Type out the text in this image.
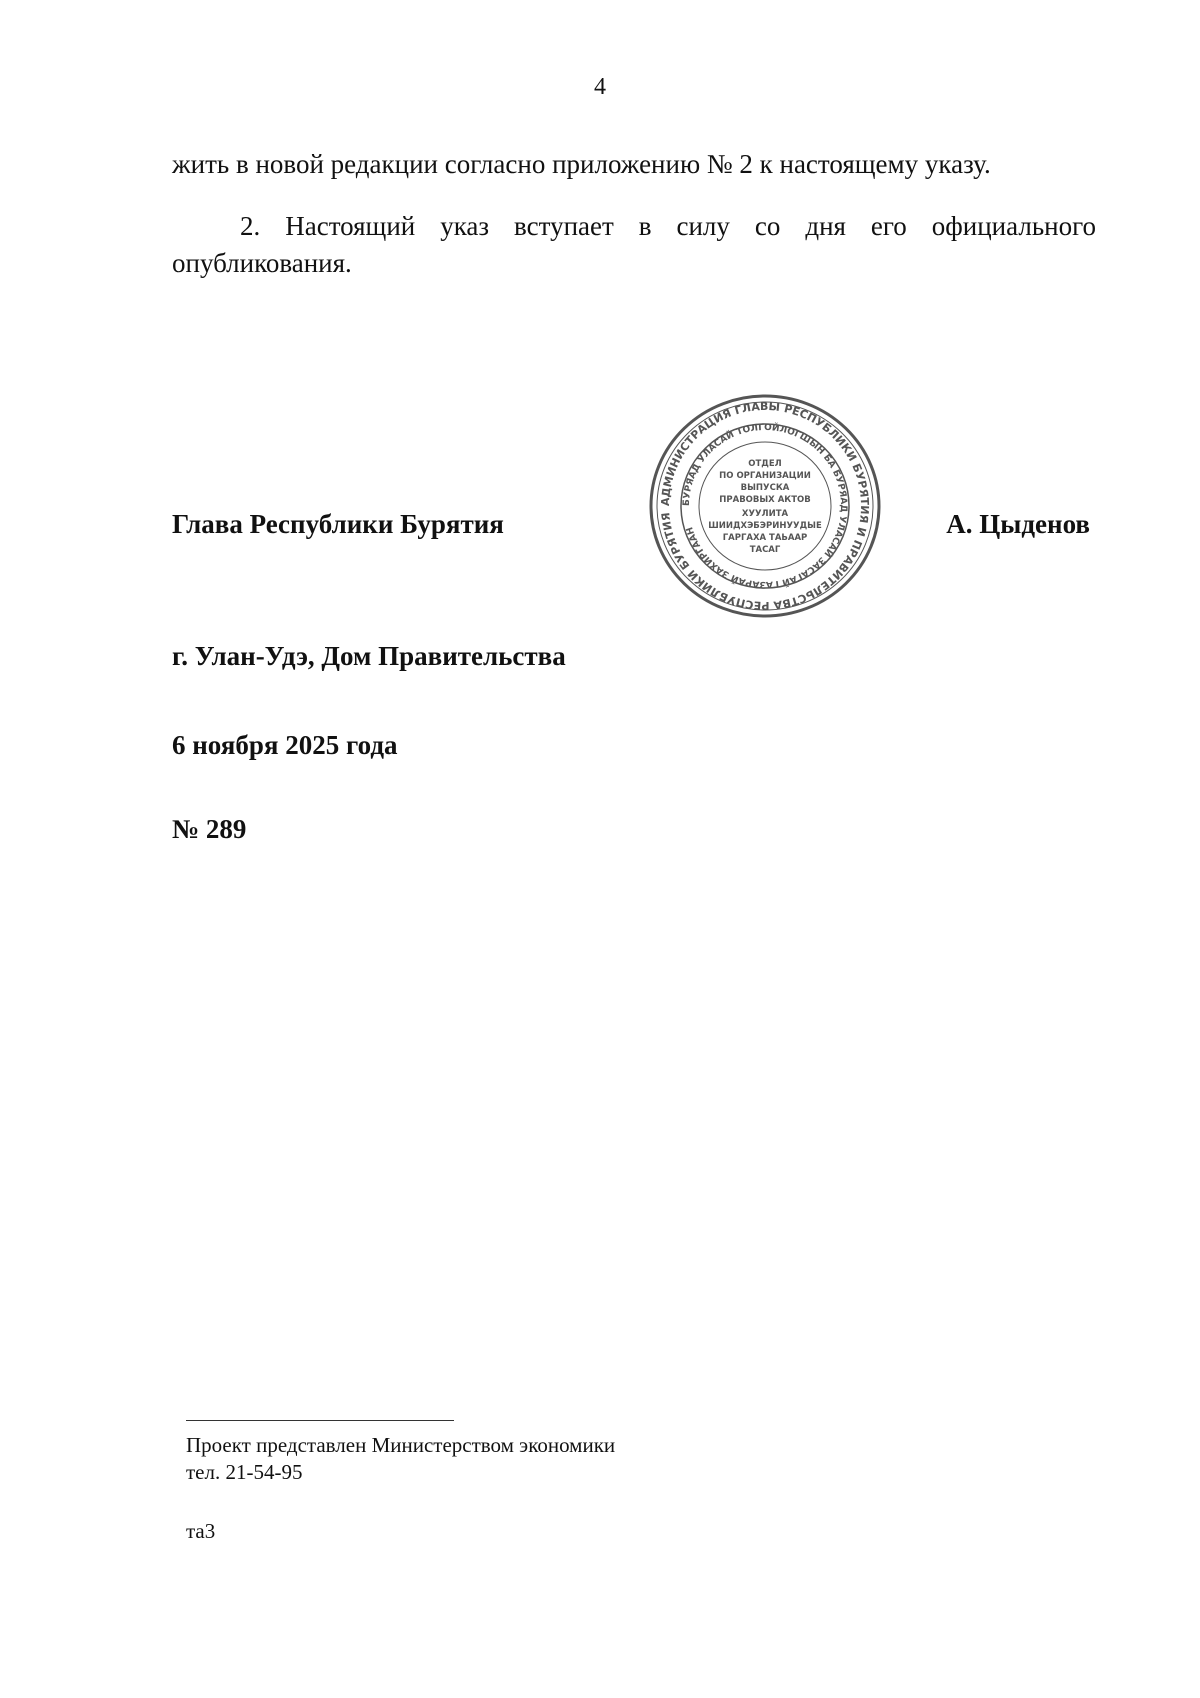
4
жить в новой редакции согласно приложению № 2 к настоящему указу.
2. Настоящий указ вступает в силу со дня его официального опубликования.
Глава Республики Бурятия	А. Цыденов
АДМИНИСТРАЦИЯ ГЛАВЫ РЕСПУБЛИКИ БУРЯТИЯ И ПРАВИТЕЛЬСТВА РЕСПУБЛИКИ БУРЯТИЯ
БУРЯАД УЛАСАЙ ТОЛГОЙЛОГШЫН БА БУРЯАД УЛАСАЙ ЗАСАГАЙ ГАЗАРАЙ ЗАХИРГААН
ОТДЕЛ
ПО ОРГАНИЗАЦИИ
ВЫПУСКА
ПРАВОВЫХ АКТОВ
ХУУЛИТА
ШИИДХЭБЭРИНУУДЫЕ
ГАРГАХА ТАЬААР
ТАСАГ
г. Улан-Удэ, Дом Правительства
6 ноября 2025 года
№ 289
Проект представлен Министерством экономики
тел. 21-54-95
та3
